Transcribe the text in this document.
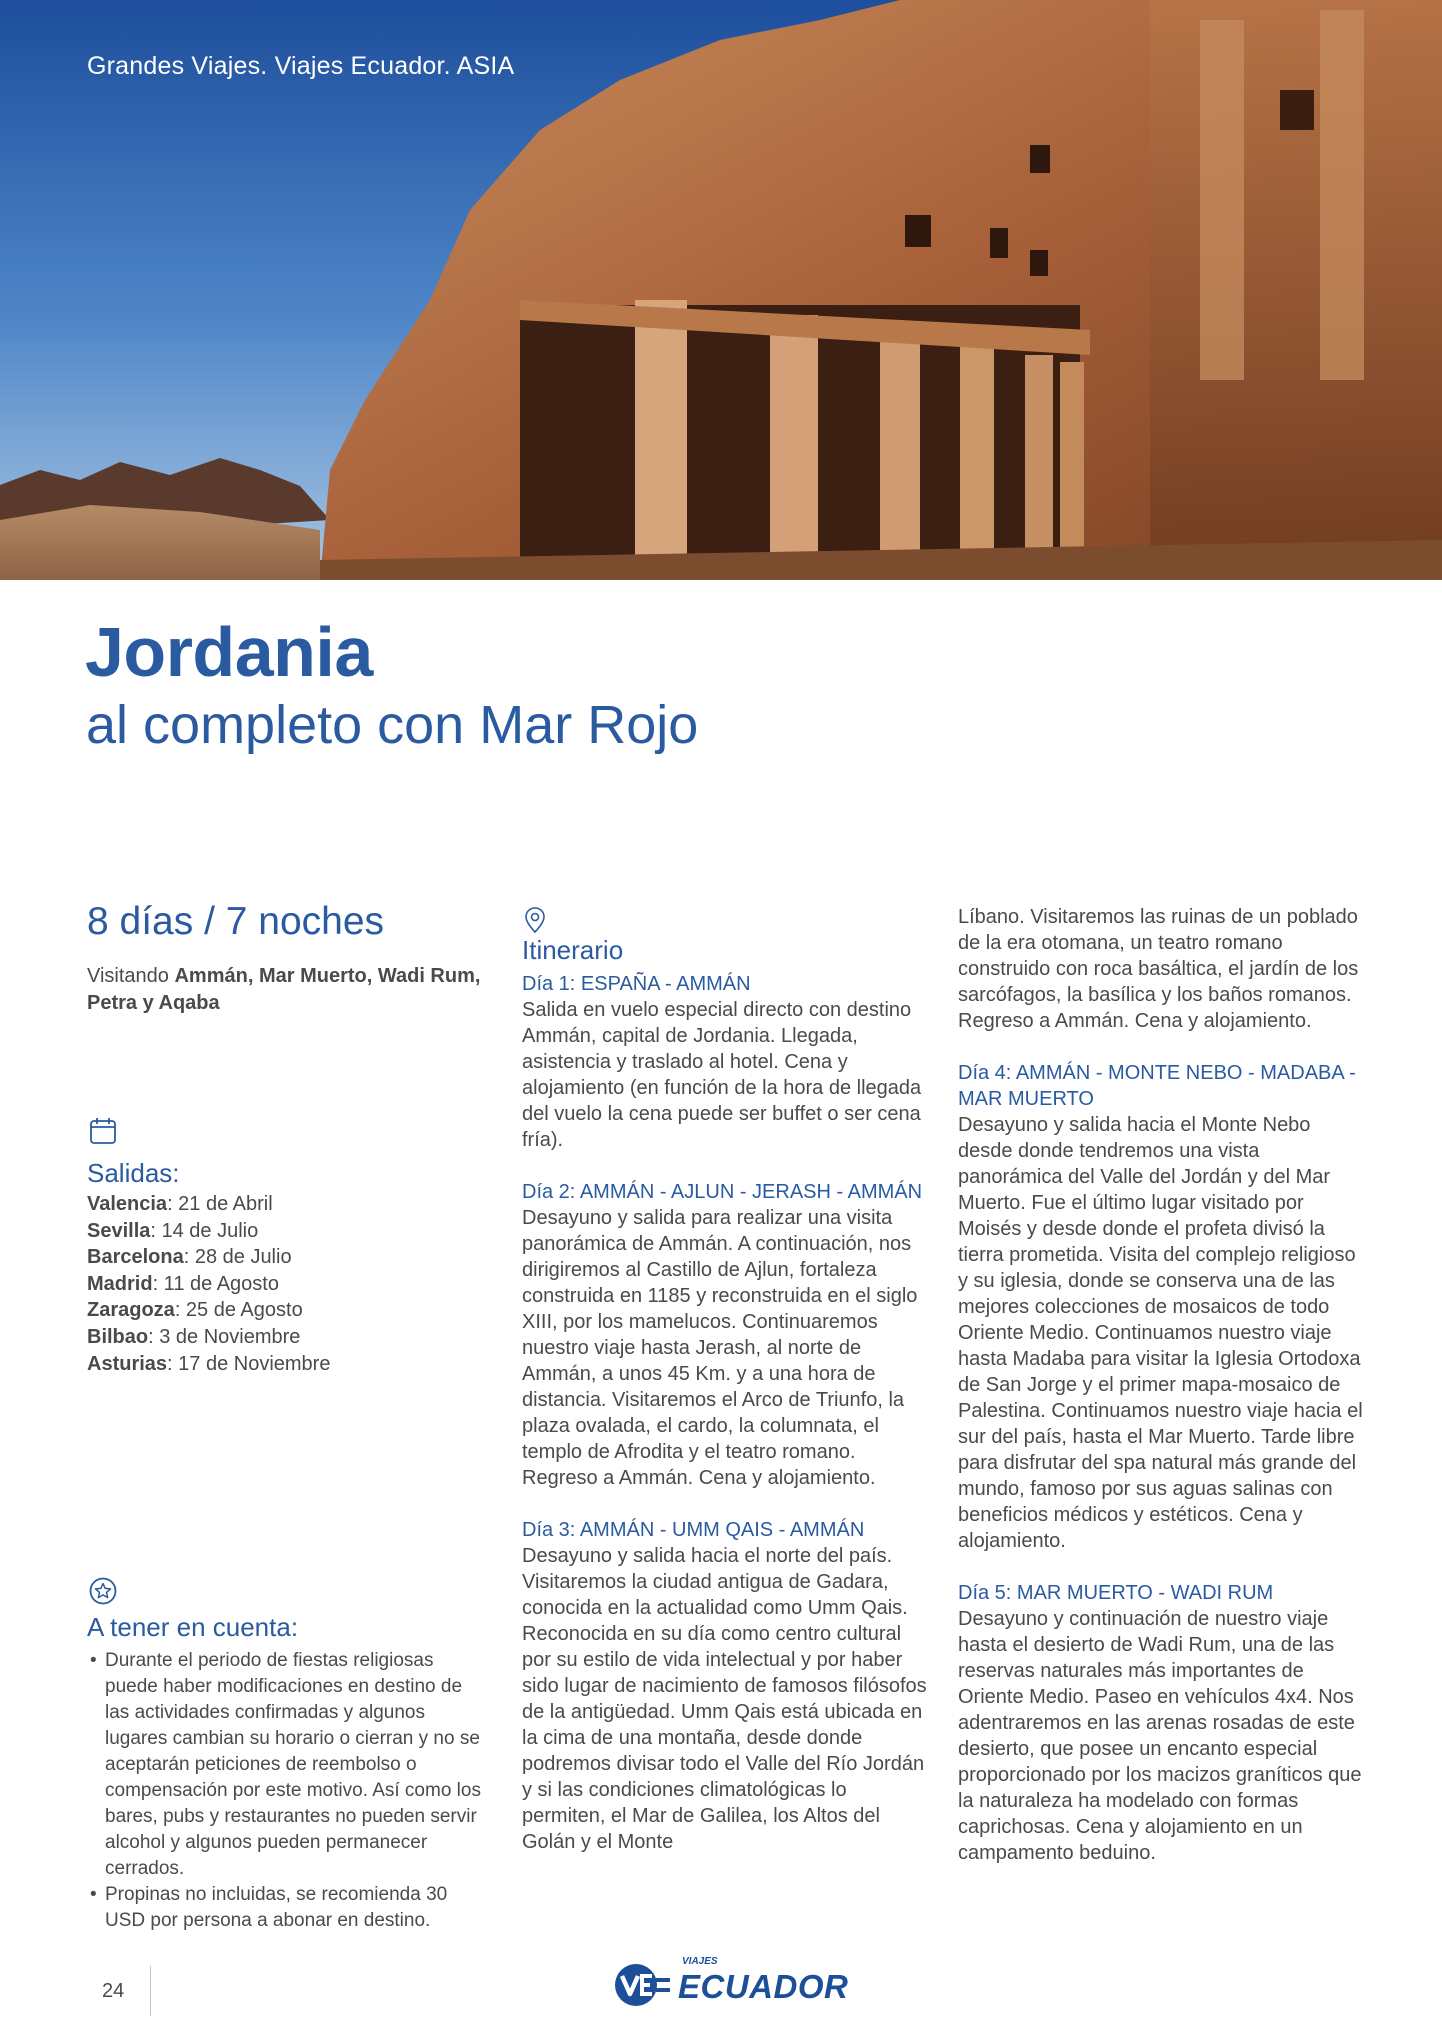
Grandes Viajes. Viajes Ecuador. ASIA
Jordania
al completo con Mar Rojo
8 días / 7 noches
Visitando Ammán, Mar Muerto, Wadi Rum, Petra y Aqaba
Salidas:
Valencia: 21 de Abril
Sevilla: 14 de Julio
Barcelona: 28 de Julio
Madrid: 11 de Agosto
Zaragoza: 25 de Agosto
Bilbao: 3 de Noviembre
Asturias: 17 de Noviembre
A tener en cuenta:
• Durante el periodo de fiestas religiosas puede haber modificaciones en destino de las actividades confirmadas y algunos lugares cambian su horario o cierran y no se aceptarán peticiones de reembolso o compensación por este motivo. Así como los bares, pubs y restaurantes no pueden servir alcohol y algunos pueden permanecer cerrados.
• Propinas no incluidas, se recomienda 30 USD por persona a abonar en destino.
Itinerario
Día 1: ESPAÑA - AMMÁN

Salida en vuelo especial directo con destino Ammán, capital de Jordania. Llegada, asistencia y traslado al hotel. Cena y alojamiento (en función de la hora de llegada del vuelo la cena puede ser buffet o ser cena fría).

Día 2: AMMÁN - AJLUN - JERASH - AMMÁN

Desayuno y salida para realizar una visita panorámica de Ammán. A continuación, nos dirigiremos al Castillo de Ajlun, fortaleza construida en 1185 y reconstruida en el siglo XIII, por los mamelucos. Continuaremos nuestro viaje hasta Jerash, al norte de Ammán, a unos 45 Km. y a una hora de distancia. Visitaremos el Arco de Triunfo, la plaza ovalada, el cardo, la columnata, el templo de Afrodita y el teatro romano. Regreso a Ammán. Cena y alojamiento.

Día 3: AMMÁN - UMM QAIS - AMMÁN

Desayuno y salida hacia el norte del país. Visitaremos la ciudad antigua de Gadara, conocida en la actualidad como Umm Qais. Reconocida en su día como centro cultural por su estilo de vida intelectual y por haber sido lugar de nacimiento de famosos filósofos de la antigüedad. Umm Qais está ubicada en la cima de una montaña, desde donde podremos divisar todo el Valle del Río Jordán y si las condiciones climatológicas lo permiten, el Mar de Galilea, los Altos del Golán y el Monte

Líbano. Visitaremos las ruinas de un poblado de la era otomana, un teatro romano construido con roca basáltica, el jardín de los sarcófagos, la basílica y los baños romanos. Regreso a Ammán. Cena y alojamiento.

Día 4: AMMÁN - MONTE NEBO - MADABA - MAR MUERTO

Desayuno y salida hacia el Monte Nebo desde donde tendremos una vista panorámica del Valle del Jordán y del Mar Muerto. Fue el último lugar visitado por Moisés y desde donde el profeta divisó la tierra prometida. Visita del complejo religioso y su iglesia, donde se conserva una de las mejores colecciones de mosaicos de todo Oriente Medio. Continuamos nuestro viaje hasta Madaba para visitar la Iglesia Ortodoxa de San Jorge y el primer mapa-mosaico de Palestina. Continuamos nuestro viaje hacia el sur del país, hasta el Mar Muerto. Tarde libre para disfrutar del spa natural más grande del mundo, famoso por sus aguas salinas con beneficios médicos y estéticos. Cena y alojamiento.

Día 5: MAR MUERTO - WADI RUM

Desayuno y continuación de nuestro viaje hasta el desierto de Wadi Rum, una de las reservas naturales más importantes de Oriente Medio. Paseo en vehículos 4x4. Nos adentraremos en las arenas rosadas de este desierto, que posee un encanto especial proporcionado por los macizos graníticos que la naturaleza ha modelado con formas caprichosas. Cena y alojamiento en un campamento beduino.

24
VIAJES
ECUADOR
